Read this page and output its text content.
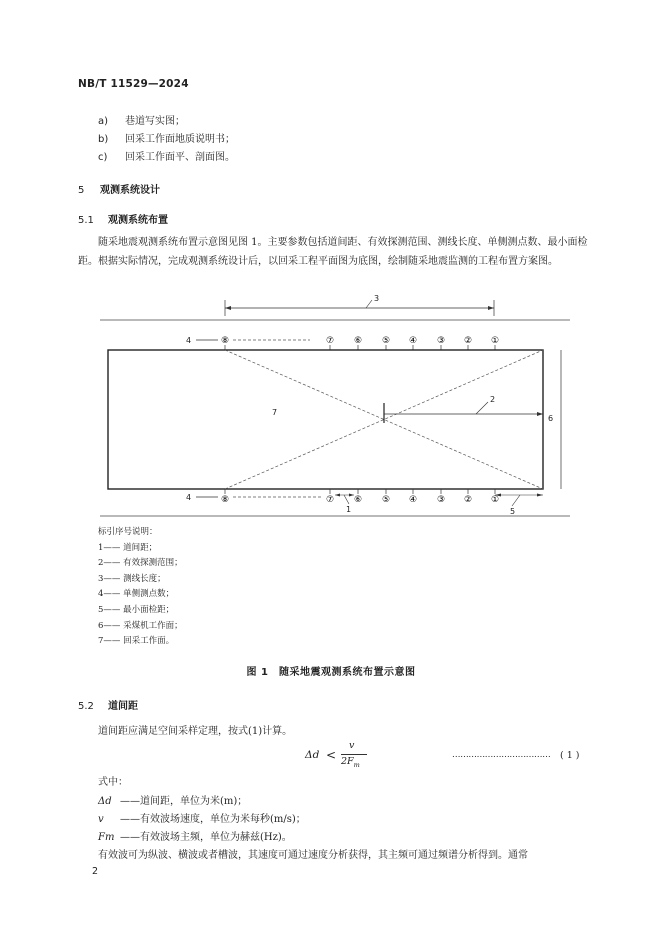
NB/T 11529—2024
a) 巷道写实图；
b) 回采工作面地质说明书；
c) 回采工作面平、剖面图。
5 观测系统设计
5.1 观测系统布置
随采地震观测系统布置示意图见图 1。主要参数包括道间距、有效探测范围、测线长度、单侧测点数、最小面检距。根据实际情况，完成观测系统设计后，以回采工程平面图为底图，绘制随采地震监测的工程布置方案图。
3
4	⑧	⑦ ⑥ ⑤ ④ ③ ② ①
7
2
6
4	⑧	⑦ ⑥ ⑤ ④ ③ ② ①
1	5
标引序号说明：
1—— 道间距；
2—— 有效探测范围；
3—— 测线长度；
4—— 单侧测点数；
5—— 最小面检距；
6—— 采煤机工作面；
7—— 回采工作面。
图 1　随采地震观测系统布置示意图
5.2 道间距
道间距应满足空间采样定理，按式(1)计算。
Δd <
v
$2F_m$
……………………………… ( 1 )
式中：
Δd ——道间距，单位为米(m)；
v ——有效波场速度，单位为米每秒(m/s)；
Fm ——有效波场主频，单位为赫兹(Hz)。
有效波可为纵波、横波或者槽波，其速度可通过速度分析获得，其主频可通过频谱分析得到。通常
2
